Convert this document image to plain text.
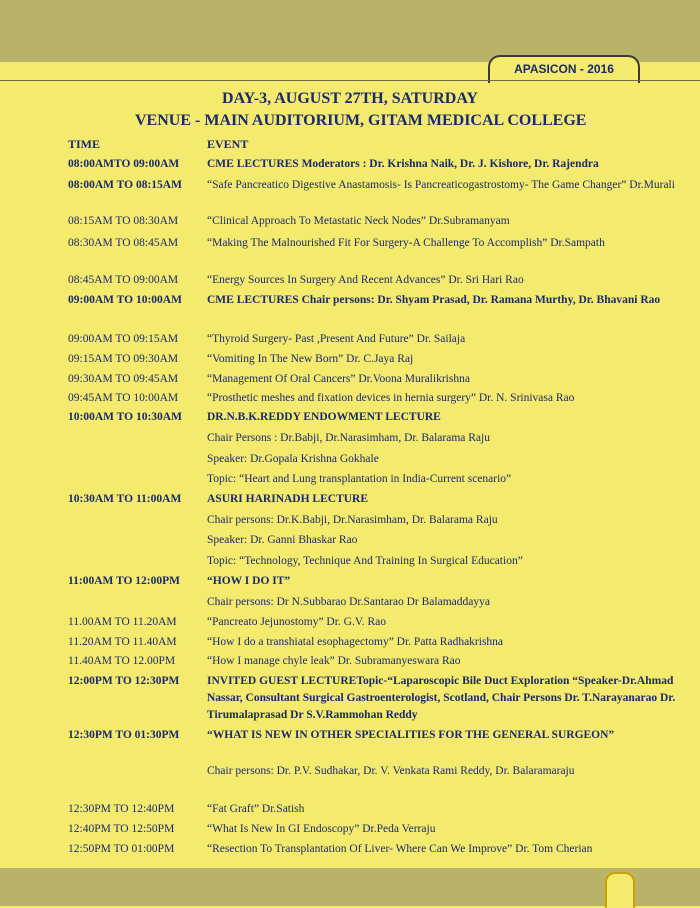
APASICON - 2016
DAY-3, AUGUST 27TH, SATURDAY
VENUE - MAIN AUDITORIUM, GITAM MEDICAL COLLEGE
TIME	EVENT
08:00AMTO 09:00AM	CME LECTURES Moderators : Dr. Krishna Naik, Dr. J. Kishore, Dr. Rajendra
08:00AM TO 08:15AM	“Safe Pancreatico Digestive Anastamosis- Is Pancreaticogastrostomy- The Game Changer” Dr.Murali
08:15AM TO 08:30AM	“Clinical Approach To Metastatic Neck Nodes” Dr.Subramanyam
08:30AM TO 08:45AM	“Making The Malnourished Fit For Surgery-A Challenge To Accomplish” Dr.Sampath
08:45AM TO 09:00AM	“Energy Sources In Surgery And Recent Advances” Dr. Sri Hari Rao
09:00AM TO 10:00AM	CME LECTURES Chair persons: Dr. Shyam Prasad, Dr. Ramana Murthy, Dr. Bhavani Rao
09:00AM TO 09:15AM	“Thyroid Surgery- Past ,Present And Future” Dr. Sailaja
09:15AM TO 09:30AM	“Vomiting In The New Born” Dr. C.Jaya Raj
09:30AM TO 09:45AM	“Management Of Oral Cancers” Dr.Voona Muralikrishna
09:45AM TO 10:00AM	“Prosthetic meshes and fixation devices in hernia surgery” Dr. N. Srinivasa Rao
10:00AM TO 10:30AM	DR.N.B.K.REDDY ENDOWMENT LECTURE
Chair Persons : Dr.Babji, Dr.Narasimham, Dr. Balarama Raju
Speaker: Dr.Gopala Krishna Gokhale
Topic: “Heart and Lung transplantation in India-Current scenario”
10:30AM TO 11:00AM	ASURI HARINADH LECTURE
Chair persons: Dr.K.Babji, Dr.Narasimham, Dr. Balarama Raju
Speaker: Dr. Ganni Bhaskar Rao
Topic: “Technology, Technique And Training In Surgical Education”
11:00AM TO 12:00PM	“HOW I DO IT”
Chair persons: Dr N.Subbarao Dr.Santarao Dr Balamaddayya
11.00AM TO 11.20AM	“Pancreato Jejunostomy” Dr. G.V. Rao
11.20AM TO 11.40AM	“How I do a transhiatal esophagectomy” Dr. Patta Radhakrishna
11.40AM TO 12.00PM	“How I manage chyle leak” Dr. Subramanyeswara Rao
12:00PM TO 12:30PM	INVITED GUEST LECTURETopic-“Laparoscopic Bile Duct Exploration “Speaker-Dr.Ahmad Nassar, Consultant Surgical Gastroenterologist, Scotland, Chair Persons Dr. T.Narayanarao Dr. Tirumalaprasad Dr S.V.Rammohan Reddy
12:30PM TO 01:30PM	“WHAT IS NEW IN OTHER SPECIALITIES FOR THE GENERAL SURGEON”
Chair persons: Dr. P.V. Sudhakar, Dr. V. Venkata Rami Reddy, Dr. Balaramaraju
12:30PM TO 12:40PM	“Fat Graft” Dr.Satish
12:40PM TO 12:50PM	“What Is New In GI Endoscopy” Dr.Peda Verraju
12:50PM TO 01:00PM	“Resection To Transplantation Of Liver- Where Can We Improve” Dr. Tom Cherian
